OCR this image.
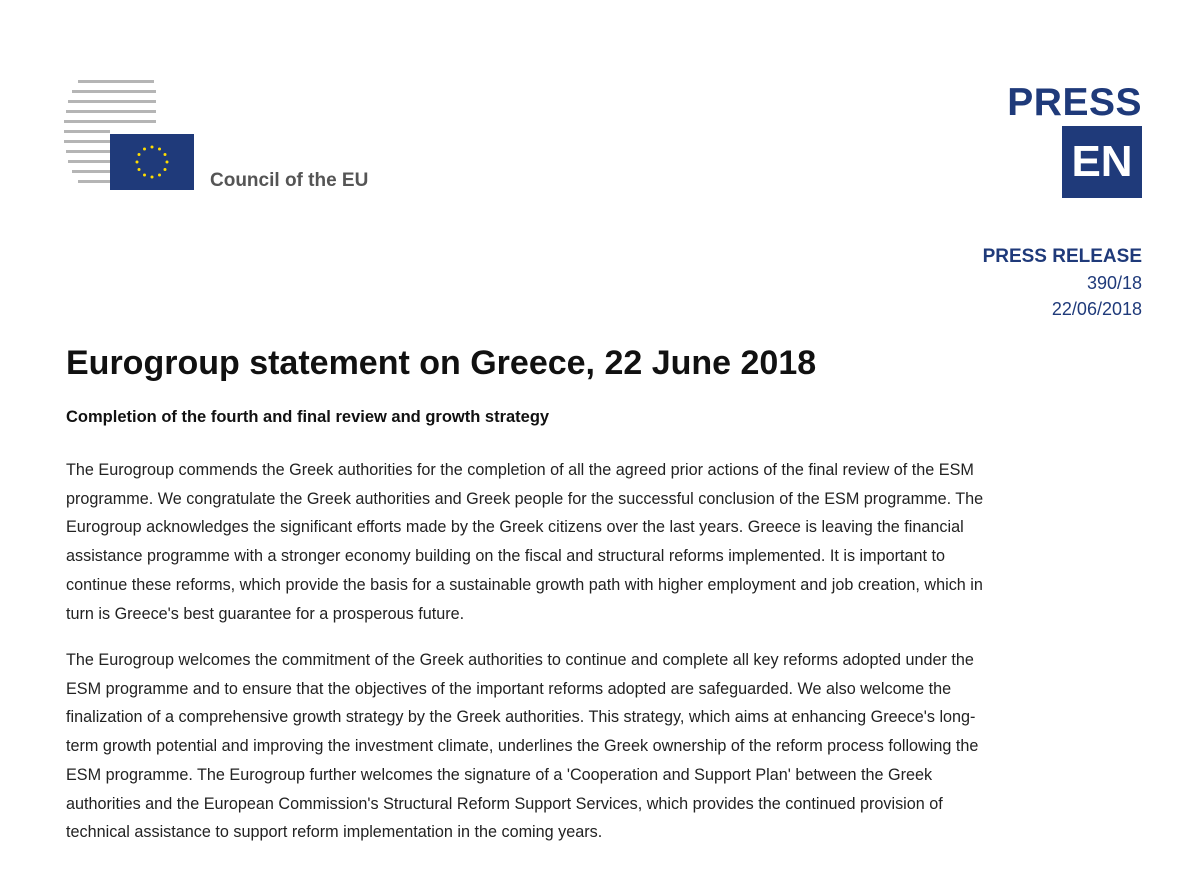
Council of the EU
PRESS
EN
PRESS RELEASE
390/18
22/06/2018
Eurogroup statement on Greece, 22 June 2018
Completion of the fourth and final review and growth strategy
The Eurogroup commends the Greek authorities for the completion of all the agreed prior actions of the final review of the ESM
programme. We congratulate the Greek authorities and Greek people for the successful conclusion of the ESM programme. The
Eurogroup acknowledges the significant efforts made by the Greek citizens over the last years. Greece is leaving the financial
assistance programme with a stronger economy building on the fiscal and structural reforms implemented. It is important to
continue these reforms, which provide the basis for a sustainable growth path with higher employment and job creation, which in
turn is Greece's best guarantee for a prosperous future.
The Eurogroup welcomes the commitment of the Greek authorities to continue and complete all key reforms adopted under the
ESM programme and to ensure that the objectives of the important reforms adopted are safeguarded. We also welcome the
finalization of a comprehensive growth strategy by the Greek authorities. This strategy, which aims at enhancing Greece's long-
term growth potential and improving the investment climate, underlines the Greek ownership of the reform process following the
ESM programme. The Eurogroup further welcomes the signature of a 'Cooperation and Support Plan' between the Greek
authorities and the European Commission's Structural Reform Support Services, which provides the continued provision of
technical assistance to support reform implementation in the coming years.
